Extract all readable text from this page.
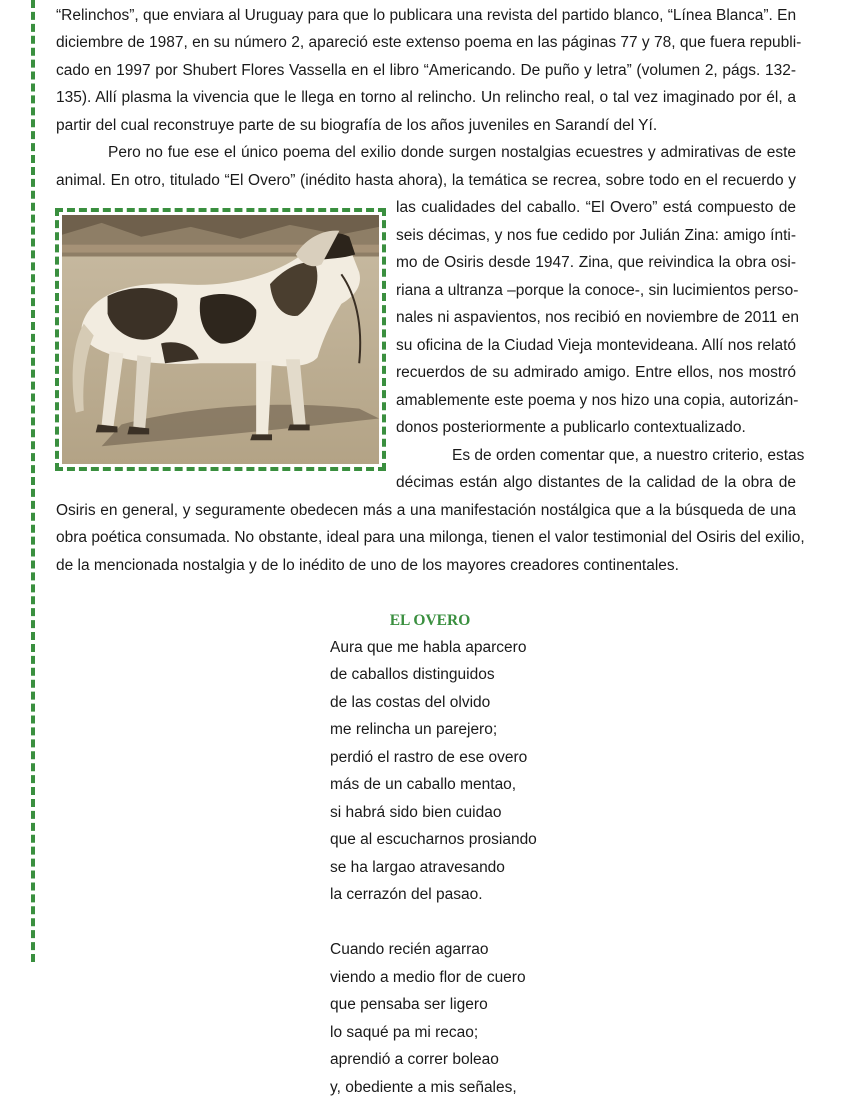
“Relinchos”, que enviara al Uruguay para que lo publicara una revista del partido blanco, “Línea Blanca”. En
diciembre de 1987, en su número 2, apareció este extenso poema en las páginas 77 y 78, que fuera republi-
cado en 1997 por Shubert Flores Vassella en el libro “Americando. De puño y letra” (volumen 2, págs. 132-
135). Allí plasma la vivencia que le llega en torno al relincho. Un relincho real, o tal vez imaginado por él, a
partir del cual reconstruye parte de su biografía de los años juveniles en Sarandí del Yí.
Pero no fue ese el único poema del exilio donde surgen nostalgias ecuestres y admirativas de este
animal. En otro, titulado “El Overo” (inédito hasta ahora), la temática se recrea, sobre todo en el recuerdo y
las cualidades del caballo. “El Overo” está compuesto de
seis décimas, y nos fue cedido por Julián Zina: amigo ínti-
mo de Osiris desde 1947. Zina, que reivindica la obra osi-
riana a ultranza –porque la conoce-, sin lucimientos perso-
nales ni aspavientos, nos recibió en noviembre de 2011 en
su oficina de la Ciudad Vieja montevideana. Allí nos relató
recuerdos de su admirado amigo. Entre ellos, nos mostró
amablemente este poema y nos hizo una copia, autorizán-
donos posteriormente a publicarlo contextualizado.
Es de orden comentar que, a nuestro criterio, estas
décimas están algo distantes de la calidad de la obra de
Osiris en general, y seguramente obedecen más a una manifestación nostálgica que a la búsqueda de una
obra poética consumada. No obstante, ideal para una milonga, tienen el valor testimonial del Osiris del exilio,
de la mencionada nostalgia y de lo inédito de uno de los mayores creadores continentales.
EL OVERO
Aura que me habla aparcero
de caballos distinguidos
de las costas del olvido
me relincha un parejero;
perdió el rastro de ese overo
más de un caballo mentao,
si habrá sido bien cuidao
que al escucharnos prosiando
se ha largao atravesando
la cerrazón del pasao.
Cuando recién agarrao
viendo a medio flor de cuero
que pensaba ser ligero
lo saqué pa mi recao;
aprendió a correr boleao
y, obediente a mis señales,
